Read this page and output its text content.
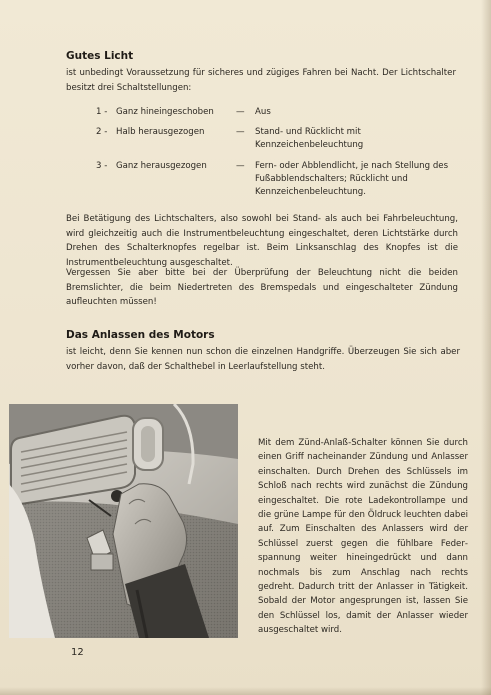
Gutes Licht

ist unbedingt Voraussetzung für sicheres und zügiges Fahren bei Nacht. Der Lichtschalter besitzt drei Schaltstellungen:

1 - Ganz hineingeschoben	— Aus
2 - Halb herausgezogen	— Stand- und Rücklicht mit Kennzeichenbeleuchtung
3 - Ganz herausgezogen	— Fern- oder Abblendlicht, je nach Stellung des Fußabblendschalters; Rücklicht und Kennzeichenbeleuchtung.

Bei Betätigung des Lichtschalters, also sowohl bei Stand- als auch bei Fahrbeleuchtung, wird gleichzeitig auch die Instrumentbeleuchtung eingeschaltet, deren Lichtstärke durch Drehen des Schalterknopfes regelbar ist. Beim Linksanschlag des Knopfes ist die Instrumentbeleuchtung ausgeschaltet.

Vergessen Sie aber bitte bei der Überprüfung der Beleuchtung nicht die beiden Bremslichter, die beim Niedertreten des Bremspedals und eingeschalteter Zündung aufleuchten müssen!

Das Anlassen des Motors

ist leicht, denn Sie kennen nun schon die einzelnen Handgriffe. Überzeugen Sie sich aber vorher davon, daß der Schalthebel in Leerlaufstellung steht.

Mit dem Zünd-Anlaß-Schalter können Sie durch einen Griff nacheinander Zündung und Anlasser einschalten. Durch Drehen des Schlüssels im Schloß nach rechts wird zunächst die Zündung eingeschaltet. Die rote Ladekontrollampe und die grüne Lampe für den Öldruck leuchten dabei auf. Zum Einschalten des Anlassers wird der Schlüssel zuerst gegen die fühlbare Federspannung weiter hineingedrückt und dann nochmals bis zum Anschlag nach rechts gedreht. Dadurch tritt der Anlasser in Tätigkeit. Sobald der Motor angesprungen ist, lassen Sie den Schlüssel los, damit der Anlasser wieder ausgeschaltet wird.

12
